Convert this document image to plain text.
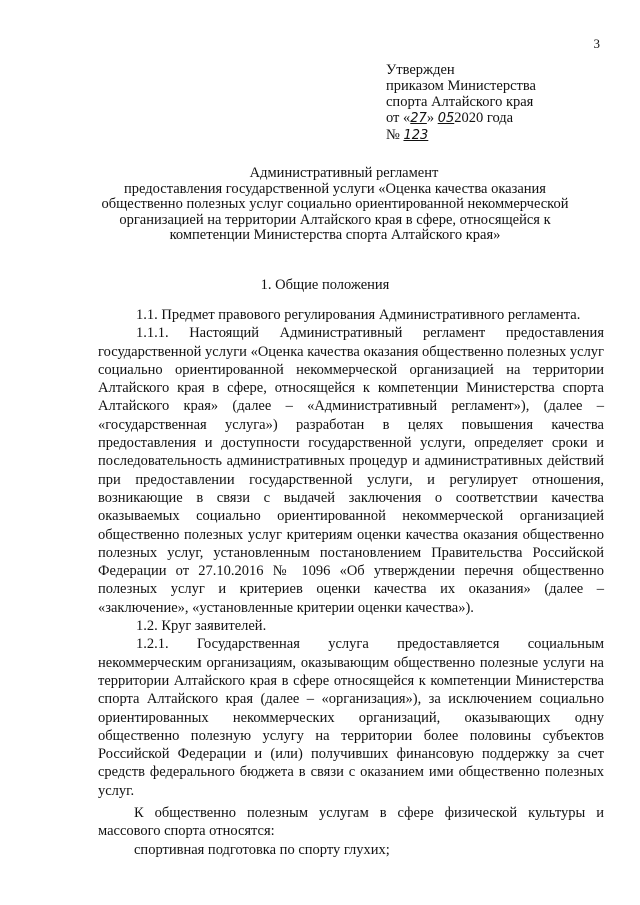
3
Утвержден
приказом Министерства
спорта Алтайского края
от «27» 052020 года
№ 123
Административный регламент
предоставления государственной услуги «Оценка качества оказания
общественно полезных услуг социально ориентированной некоммерческой
организацией на территории Алтайского края в сфере, относящейся к
компетенции Министерства спорта Алтайского края»
1. Общие положения

1.1. Предмет правового регулирования Административного регламента.

1.1.1. Настоящий Административный регламент предоставления государственной услуги «Оценка качества оказания общественно полезных услуг социально ориентированной некоммерческой организацией на территории Алтайского края в сфере, относящейся к компетенции Министерства спорта Алтайского края» (далее – «Административный регламент»), (далее – «государственная услуга») разработан в целях повышения качества предоставления и доступности государственной услуги, определяет сроки и последовательность административных процедур и административных действий при предоставлении государственной услуги, и регулирует отношения, возникающие в связи с выдачей заключения о соответствии качества оказываемых социально ориентированной некоммерческой организацией общественно полезных услуг критериям оценки качества оказания общественно полезных услуг, установленным постановлением Правительства Российской Федерации от 27.10.2016 № 1096 «Об утверждении перечня общественно полезных услуг и критериев оценки качества их оказания» (далее – «заключение», «установленные критерии оценки качества»).

1.2. Круг заявителей.

1.2.1. Государственная услуга предоставляется социальным некоммерческим организациям, оказывающим общественно полезные услуги на территории Алтайского края в сфере относящейся к компетенции Министерства спорта Алтайского края (далее – «организация»), за исключением социально ориентированных некоммерческих организаций, оказывающих одну общественно полезную услугу на территории более половины субъектов Российской Федерации и (или) получивших финансовую поддержку за счет средств федерального бюджета в связи с оказанием ими общественно полезных услуг.

К общественно полезным услугам в сфере физической культуры и массового спорта относятся:

спортивная подготовка по спорту глухих;
